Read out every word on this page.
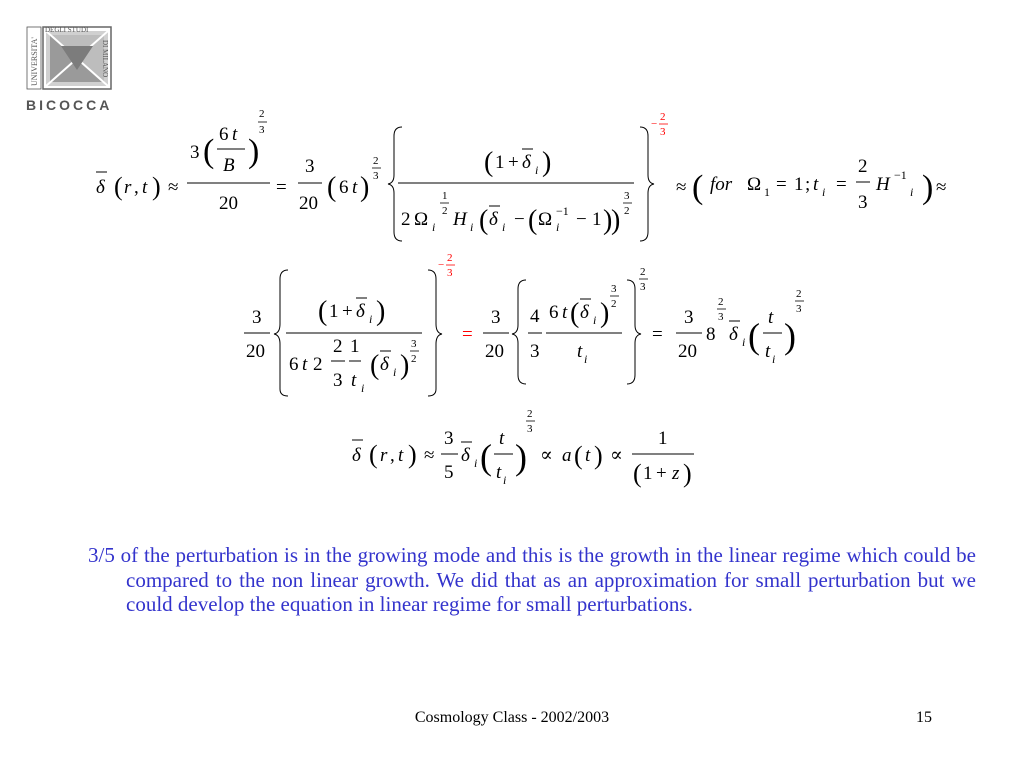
UNIVERSITA'
DEGLI STUDI
DI MILANO
BICOCCA
δ ( r , t ) ≈
3 ( 6 t
B )
2
3
20
=
3
20
( 6 t )
2
3	( 1 + δ i )
2 Ω i
1
2 H i ( δ i − ( Ω −1
i − 1 )
)
3
2
−
2
3
≈ ( for Ω 1 = 1 ; t i =
2
3
H −1
i ) ≈
3
20
( 1 + δ i )
6 t 2
2
3
1
t i
( δ i )
3
2
−
2
3
=
3
20
4
3
6 t ( δ i )
3
2
t i
2
3
=
3
20
8
2
3
δ i ( t
t i
)
2
3
δ ( r , t ) ≈
3
5
δ i ( t
t i
)
2
3
∝ a ( t ) ∝
1
( 1 + z )

3/5 of the perturbation is in the growing mode and this is the growth in the linear regime which could be compared to the non linear growth. We did that as an approximation for small perturbation but we could develop the equation in linear regime for small perturbations.

Cosmology Class - 2002/2003	15
